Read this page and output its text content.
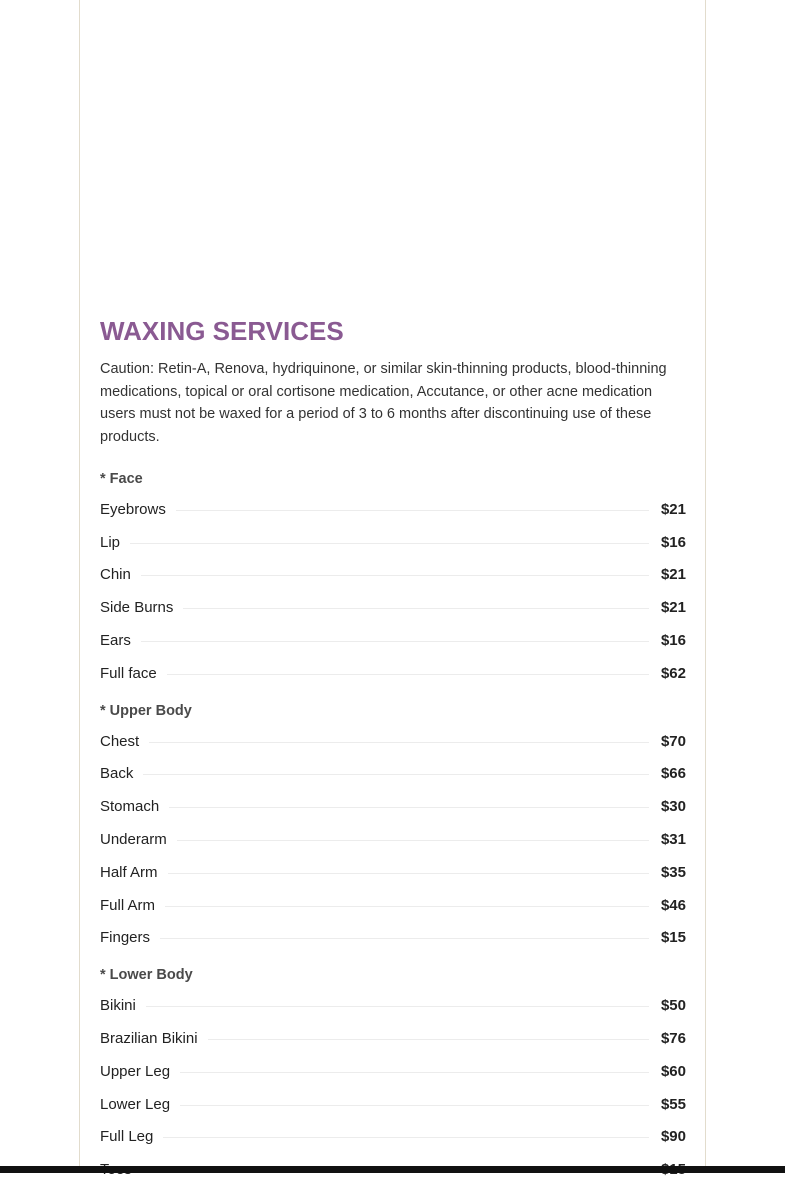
WAXING SERVICES

Caution: Retin-A, Renova, hydriquinone, or similar skin-thinning products, blood-thinning medications, topical or oral cortisone medication, Accutance, or other acne medication users must not be waxed for a period of 3 to 6 months after discontinuing use of these products.

* Face
Eyebrows	$21
Lip	$16
Chin	$21
Side Burns	$21
Ears	$16
Full face	$62
* Upper Body
Chest	$70
Back	$66
Stomach	$30
Underarm	$31
Half Arm	$35
Full Arm	$46
Fingers	$15
* Lower Body
Bikini	$50
Brazilian Bikini	$76
Upper Leg	$60
Lower Leg	$55
Full Leg	$90
